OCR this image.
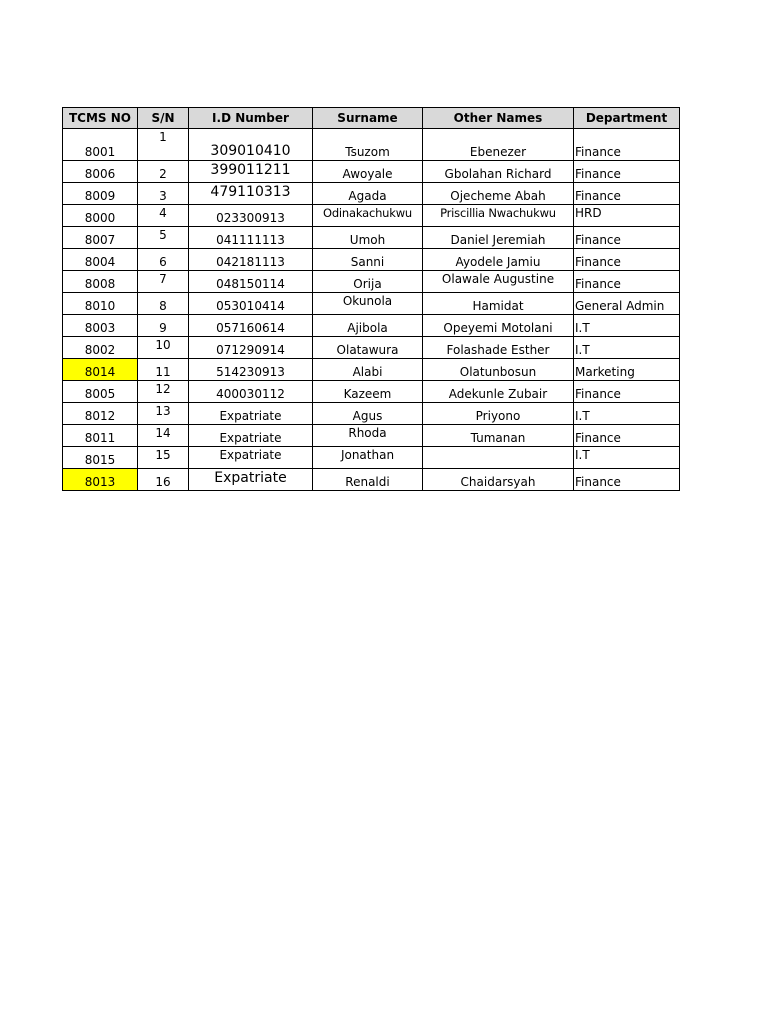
TCMS NO	S/N	I.D Number	Surname	Other Names	Department
8001	1	309010410	Tsuzom	Ebenezer	Finance
8006	2	399011211	Awoyale	Gbolahan Richard	Finance
8009	3	479110313	Agada	Ojecheme Abah	Finance
8000	4	023300913	Odinakachukwu	Priscillia Nwachukwu	HRD
8007	5	041111113	Umoh	Daniel Jeremiah	Finance
8004	6	042181113	Sanni	Ayodele Jamiu	Finance
8008	7	048150114	Orija	Olawale Augustine	Finance
8010	8	053010414	Okunola	Hamidat	General Admin
8003	9	057160614	Ajibola	Opeyemi Motolani	I.T
8002	10	071290914	Olatawura	Folashade Esther	I.T
8014	11	514230913	Alabi	Olatunbosun	Marketing
8005	12	400030112	Kazeem	Adekunle Zubair	Finance
8012	13	Expatriate	Agus	Priyono	I.T
8011	14	Expatriate	Rhoda	Tumanan	Finance
8015	15	Expatriate	Jonathan		I.T
8013	16	Expatriate	Renaldi	Chaidarsyah	Finance
